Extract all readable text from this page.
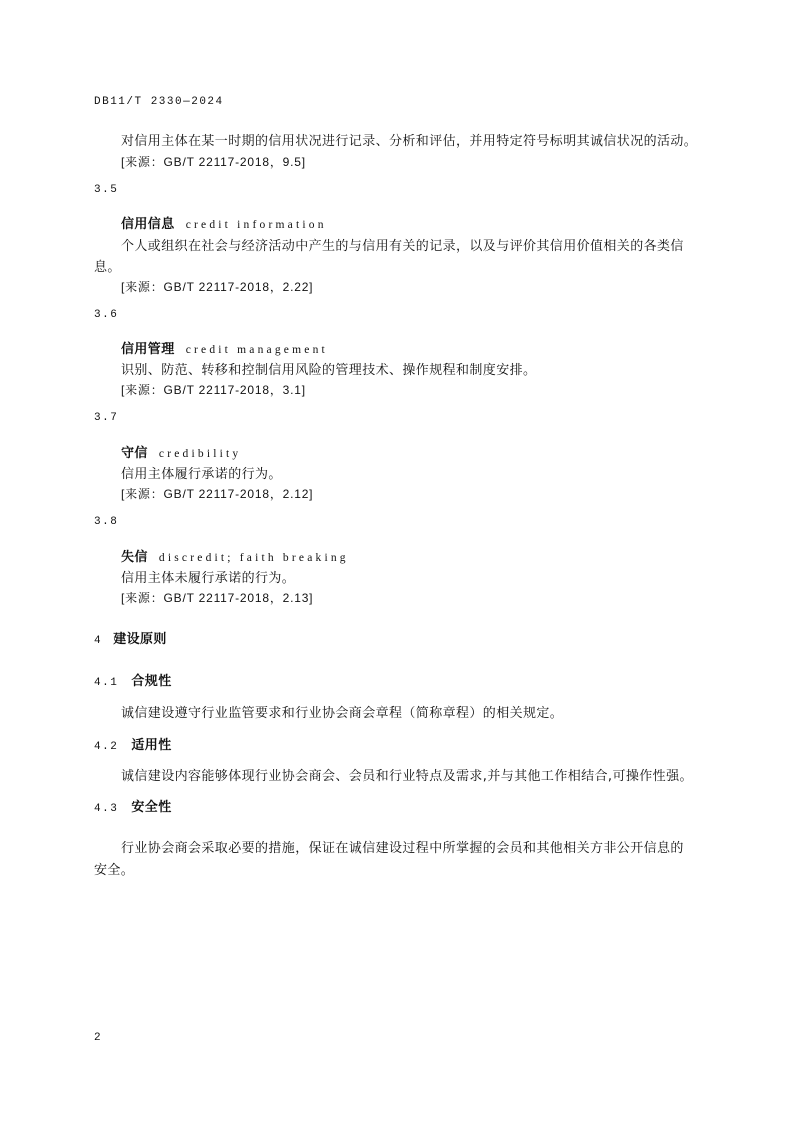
DB11/T 2330—2024
对信用主体在某一时期的信用状况进行记录、分析和评估，并用特定符号标明其诚信状况的活动。
[来源：GB/T 22117-2018，9.5]
3.5
信用信息 credit information
个人或组织在社会与经济活动中产生的与信用有关的记录，以及与评价其信用价值相关的各类信
息。
[来源：GB/T 22117-2018，2.22]
3.6
信用管理 credit management
识别、防范、转移和控制信用风险的管理技术、操作规程和制度安排。
[来源：GB/T 22117-2018，3.1]
3.7
守信 credibility
信用主体履行承诺的行为。
[来源：GB/T 22117-2018，2.12]
3.8
失信 discredit; faith breaking
信用主体未履行承诺的行为。
[来源：GB/T 22117-2018，2.13]
4 建设原则
4.1 合规性
诚信建设遵守行业监管要求和行业协会商会章程（简称章程）的相关规定。
4.2 适用性
诚信建设内容能够体现行业协会商会、会员和行业特点及需求,并与其他工作相结合,可操作性强。
4.3 安全性
行业协会商会采取必要的措施，保证在诚信建设过程中所掌握的会员和其他相关方非公开信息的
安全。
2
